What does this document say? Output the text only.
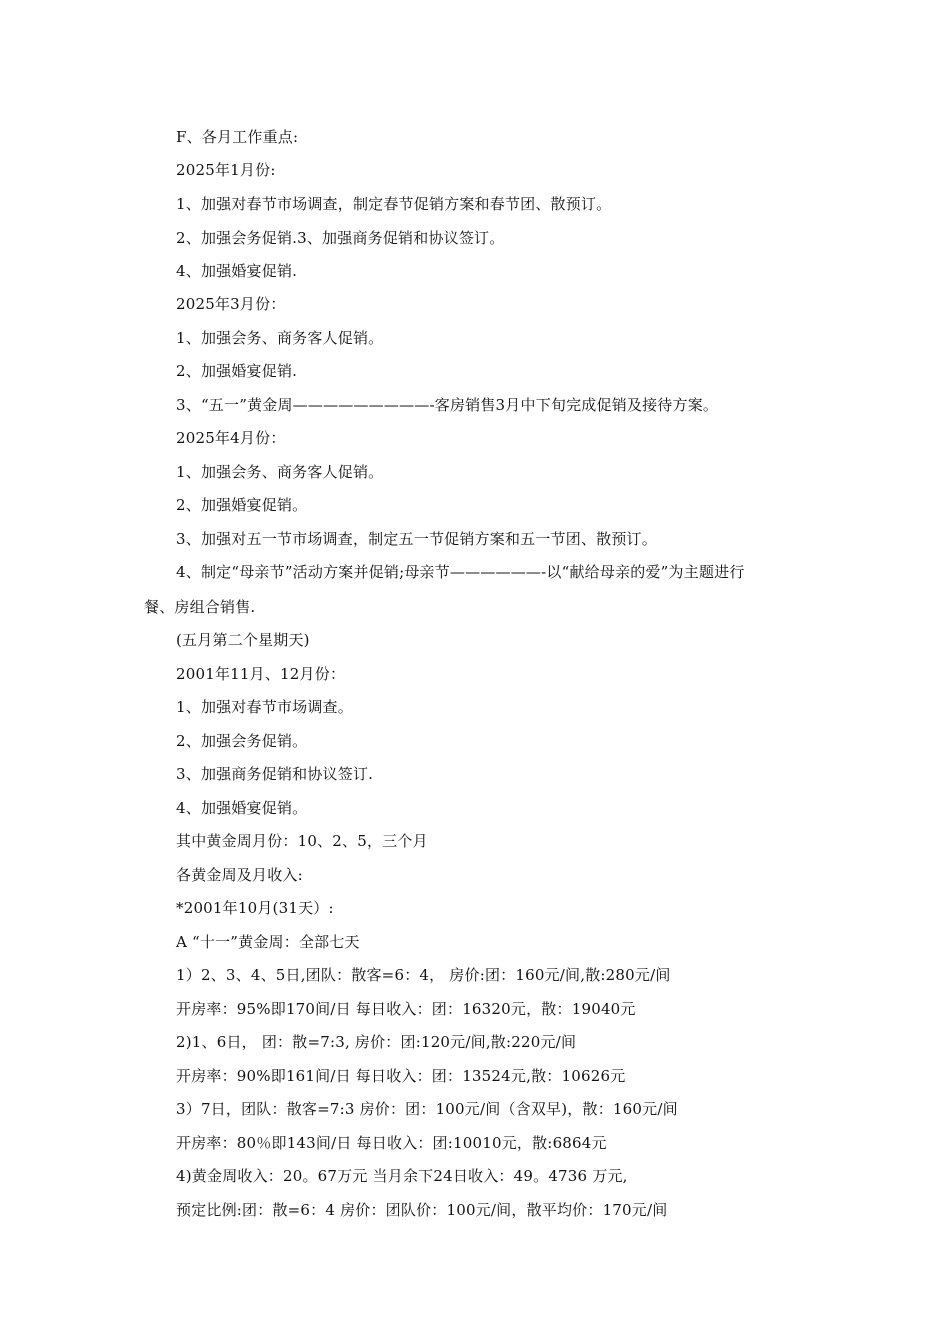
F、各月工作重点:
2025年1月份:
1、加强对春节市场调查，制定春节促销方案和春节团、散预订。
2、加强会务促销.3、加强商务促销和协议签订。
4、加强婚宴促销.
2025年3月份：
1、加强会务、商务客人促销。
2、加强婚宴促销.
3、“五一”黄金周—————————-客房销售3月中下旬完成促销及接待方案。
2025年4月份：
1、加强会务、商务客人促销。
2、加强婚宴促销。
3、加强对五一节市场调查，制定五一节促销方案和五一节团、散预订。
4、制定“母亲节”活动方案并促销;母亲节——————-以“献给母亲的爱”为主题进行
餐、房组合销售.
(五月第二个星期天)
2001年11月、12月份：
1、加强对春节市场调查。
2、加强会务促销。
3、加强商务促销和协议签订.
4、加强婚宴促销。
其中黄金周月份：10、2、5，三个月
各黄金周及月收入:
*2001年10月(31天）:
A “十一”黄金周：全部七天
1）2、3、4、5日,团队：散客=6：4， 房价:团：160元/间,散:280元/间
开房率：95%即170间/日 每日收入：团：16320元，散：19040元
2)1、6日， 团：散=7:3, 房价：团:120元/间,散:220元/间
开房率：90%即161间/日 每日收入：团：13524元,散：10626元
3）7日，团队：散客=7:3 房价：团：100元/间（含双早)，散：160元/间
开房率：80％即143间/日 每日收入：团:10010元，散:6864元
4)黄金周收入：20。67万元 当月余下24日收入：49。4736 万元,
预定比例:团：散=6：4 房价：团队价：100元/间，散平均价：170元/间
